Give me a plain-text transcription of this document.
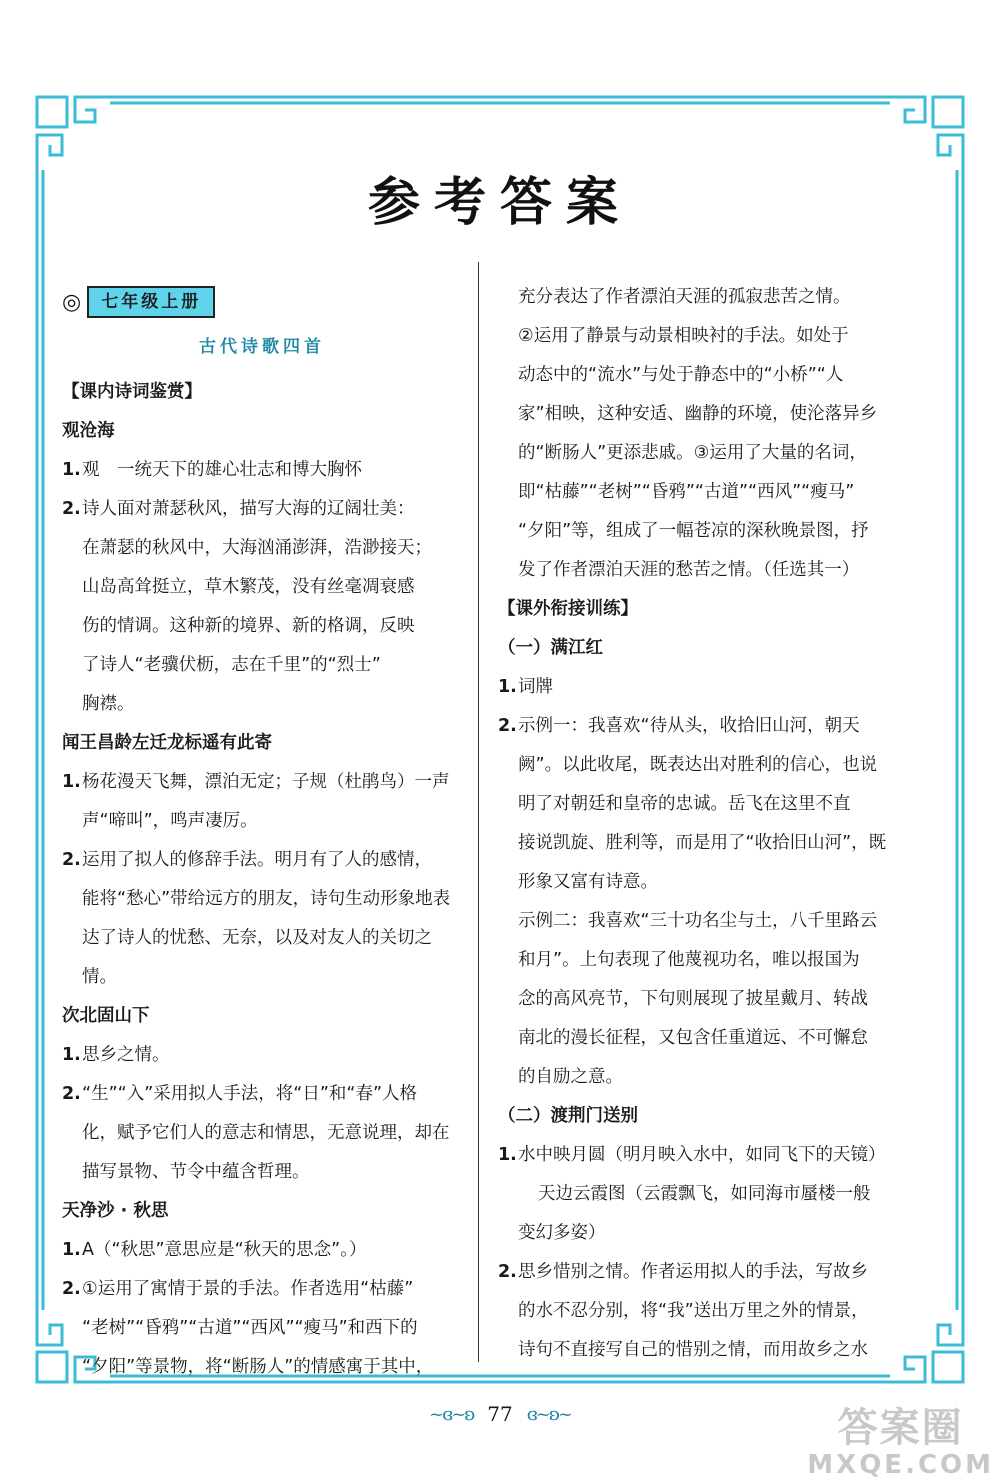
参考答案
◎	七年级上册
古代诗歌四首
【课内诗词鉴赏】
观沧海
1. 观　一统天下的雄心壮志和博大胸怀
2. 诗人面对萧瑟秋风，描写大海的辽阔壮美：
在萧瑟的秋风中，大海汹涌澎湃，浩渺接天；
山岛高耸挺立，草木繁茂，没有丝毫凋衰感
伤的情调。这种新的境界、新的格调，反映
了诗人“老骥伏枥，志在千里”的“烈士”
胸襟。
闻王昌龄左迁龙标遥有此寄
1. 杨花漫天飞舞，漂泊无定；子规（杜鹃鸟）一声
声“啼叫”，鸣声凄厉。
2. 运用了拟人的修辞手法。明月有了人的感情，
能将“愁心”带给远方的朋友，诗句生动形象地表
达了诗人的忧愁、无奈，以及对友人的关切之情。
次北固山下
1. 思乡之情。
2. “生”“入”采用拟人手法，将“日”和“春”人格
化，赋予它们人的意志和情思，无意说理，却在
描写景物、节令中蕴含哲理。
天净沙 · 秋思
1. A（“秋思”意思应是“秋天的思念”。）
2. ①运用了寓情于景的手法。作者选用“枯藤”
“老树”“昏鸦”“古道”“西风”“瘦马”和西下的
“夕阳”等景物，将“断肠人”的情感寓于其中，
充分表达了作者漂泊天涯的孤寂悲苦之情。
②运用了静景与动景相映衬的手法。如处于
动态中的“流水”与处于静态中的“小桥”“人
家”相映，这种安适、幽静的环境，使沦落异乡
的“断肠人”更添悲戚。③运用了大量的名词，
即“枯藤”“老树”“昏鸦”“古道”“西风”“瘦马”
“夕阳”等，组成了一幅苍凉的深秋晚景图，抒
发了作者漂泊天涯的愁苦之情。（任选其一）
【课外衔接训练】
（一）满江红
1. 词牌
2. 示例一：我喜欢“待从头，收拾旧山河，朝天
阙”。以此收尾，既表达出对胜利的信心，也说
明了对朝廷和皇帝的忠诚。岳飞在这里不直
接说凯旋、胜利等，而是用了“收拾旧山河”，既
形象又富有诗意。
示例二：我喜欢“三十功名尘与土，八千里路云
和月”。上句表现了他蔑视功名，唯以报国为
念的高风亮节，下句则展现了披星戴月、转战
南北的漫长征程，又包含任重道远、不可懈怠
的自励之意。
（二）渡荆门送别
1. 水中映月圆（明月映入水中，如同飞下的天镜）
天边云霞图（云霞飘飞，如同海市蜃楼一般
变幻多姿）
2. 思乡惜别之情。作者运用拟人的手法，写故乡
的水不忍分别，将“我”送出万里之外的情景，
诗句不直接写自己的惜别之情，而用故乡之水
~ɞ~ʚ 77 ɞ~ʚ~	答案圈
MXQE.COM
